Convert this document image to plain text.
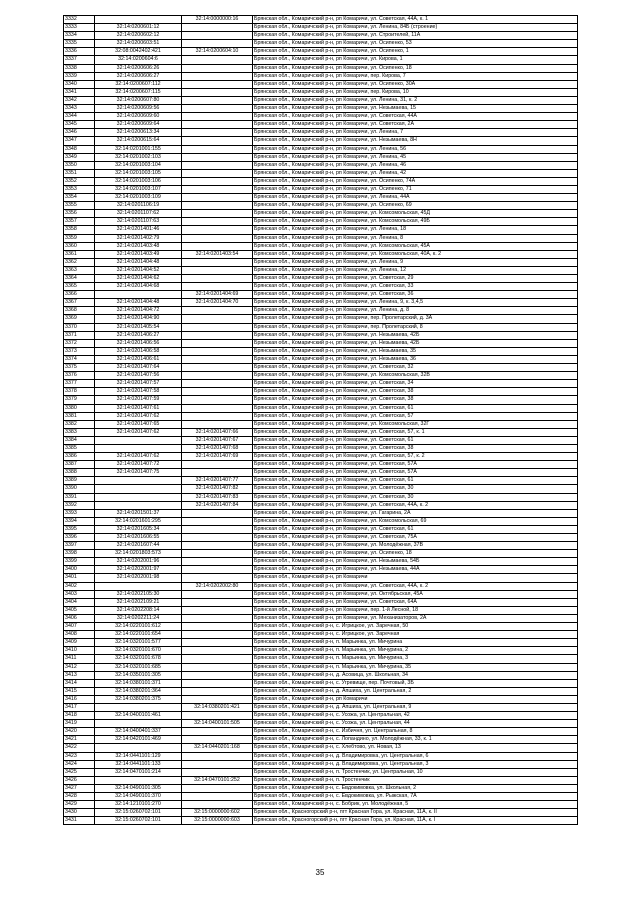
3332		32:14:0000000:16	Брянская обл., Комаричский р-н, рп Комаричи, ул. Советская, 44А, к. 1
3333	32:14:0200601:12		Брянская обл., Комаричский р-н, рп Комаричи, ул. Ленина, 84Б (строение)
3334	32:14:0200602:12		Брянская обл., Комаричский р-н, рп Комаричи, ул. Строителей, 11А
3335	32:14:0200603:51		Брянская обл., Комаричский р-н, рп Комаричи, ул. Осипенко, 53
3336	32:08:0042402:421	32:14:0200604:10	Брянская обл., Комаричский р-н, рп Комаричи, ул. Осипенко, 1
3337	32:14:0200604:6		Брянская обл., Комаричский р-н, рп Комаричи, ул. Кирова, 1
3338	32:14:0200606:26		Брянская обл., Комаричский р-н, рп Комаричи, ул. Осипенко, 18
3339	32:14:0200606:27		Брянская обл., Комаричский р-н, рп Комаричи, пер. Кирова, 7
3340	32:14:0200607:112		Брянская обл., Комаричский р-н, рп Комаричи, ул. Осипенко, 30А
3341	32:14:0200607:115		Брянская обл., Комаричский р-н, рп Комаричи, пер. Кирова, 10
3342	32:14:0200607:80		Брянская обл., Комаричский р-н, рп Комаричи, ул. Ленина, 31, к. 2
3343	32:14:0200609:56		Брянская обл., Комаричский р-н, рп Комаричи, ул. Незымаева, 15
3344	32:14:0200609:60		Брянская обл., Комаричский р-н, рп Комаричи, ул. Советская, 44А
3345	32:14:0200609:64		Брянская обл., Комаричский р-н, рп Комаричи, ул. Советская, 2А
3346	32:14:0200613:34		Брянская обл., Комаричский р-н, рп Комаричи, ул. Ленина, 7
3347	32:14:0200615:64		Брянская обл., Комаричский р-н, рп Комаричи, ул. Незымаева, 8Н
3348	32:14:0201001:155		Брянская обл., Комаричский р-н, рп Комаричи, ул. Ленина, 56
3349	32:14:0201002:103		Брянская обл., Комаричский р-н, рп Комаричи, ул. Ленина, 45
3350	32:14:0201003:104		Брянская обл., Комаричский р-н, рп Комаричи, ул. Ленина, 46
3351	32:14:0201003:105		Брянская обл., Комаричский р-н, рп Комаричи, ул. Ленина, 42
3352	32:14:0201003:106		Брянская обл., Комаричский р-н, рп Комаричи, ул. Осипенко, 74А
3353	32:14:0201003:107		Брянская обл., Комаричский р-н, рп Комаричи, ул. Осипенко, 71
3354	32:14:0201003:109		Брянская обл., Комаричский р-н, рп Комаричи, ул. Ленина, 44А
3355	32:14:0201106:19		Брянская обл., Комаричский р-н, рп Комаричи, ул. Осипенко, 69
3356	32:14:0201107:62		Брянская обл., Комаричский р-н, рп Комаричи, ул. Комсомольская, 45Д
3357	32:14:0201107:63		Брянская обл., Комаричский р-н, рп Комаричи, ул. Комсомольская, 49Б
3358	32:14:0201401:46		Брянская обл., Комаричский р-н, рп Комаричи, ул. Ленина, 18
3359	32:14:0201402:79		Брянская обл., Комаричский р-н, рп Комаричи, ул. Ленина, 8
3360	32:14:0201403:48		Брянская обл., Комаричский р-н, рп Комаричи, ул. Комсомольская, 45А
3361	32:14:0201403:49	32:14:0201403:54	Брянская обл., Комаричский р-н, рп Комаричи, ул. Комсомольская, 40А, к. 2
3362	32:14:0201404:48		Брянская обл., Комаричский р-н, рп Комаричи, ул. Ленина, 9
3363	32:14:0201404:52		Брянская обл., Комаричский р-н, рп Комаричи, ул. Ленина, 12
3364	32:14:0201404:62		Брянская обл., Комаричский р-н, рп Комаричи, ул. Советская, 29
3365	32:14:0201404:68		Брянская обл., Комаричский р-н, рп Комаричи, ул. Советская, 33
3366		32:14:0201404:69	Брянская обл., Комаричский р-н, рп Комаричи, ул. Советская, 36
3367	32:14:0201404:48	32:14:0201404:70	Брянская обл., Комаричский р-н, рп Комаричи, ул. Ленина, 9, к. 3,4,5
3368	32:14:0201404:72		Брянская обл., Комаричский р-н, рп Комаричи, ул. Ленина, д. 8
3369	32:14:0201404:90		Брянская обл., Комаричский р-н, рп Комаричи, пер. Пролетарский, д. 3А
3370	32:14:0201405:54		Брянская обл., Комаричский р-н, рп Комаричи, пер. Пролетарский, 8
3371	32:14:0201406:27		Брянская обл., Комаричский р-н, рп Комаричи, ул. Незымаева, 42Б
3372	32:14:0201406:56		Брянская обл., Комаричский р-н, рп Комаричи, ул. Незымаева, 42Б
3373	32:14:0201406:58		Брянская обл., Комаричский р-н, рп Комаричи, ул. Незымаева, 35
3374	32:14:0201406:61		Брянская обл., Комаричский р-н, рп Комаричи, ул. Незымаева, 36
3375	32:14:0201407:64		Брянская обл., Комаричский р-н, рп Комаричи, ул. Советская, 32
3376	32:14:0201407:56		Брянская обл., Комаричский р-н, рп Комаричи, ул. Комсомольская, 32В
3377	32:14:0201407:57		Брянская обл., Комаричский р-н, рп Комаричи, ул. Советская, 34
3378	32:14:0201407:58		Брянская обл., Комаричский р-н, рп Комаричи, ул. Советская, 38
3379	32:14:0201407:59		Брянская обл., Комаричский р-н, рп Комаричи, ул. Советская, 38
3380	32:14:0201407:61		Брянская обл., Комаричский р-н, рп Комаричи, ул. Советская, 61
3381	32:14:0201407:62		Брянская обл., Комаричский р-н, рп Комаричи, ул. Советская, 57
3382	32:14:0201407:65		Брянская обл., Комаричский р-н, рп Комаричи, ул. Комсомольская, 32Г
3383	32:14:0201407:62	32:14:0201407:66	Брянская обл., Комаричский р-н, рп Комаричи, ул. Советская, 57, к. 1
3384		32:14:0201407:67	Брянская обл., Комаричский р-н, рп Комаричи, ул. Советская, 61
3385		32:14:0201407:68	Брянская обл., Комаричский р-н, рп Комаричи, ул. Советская, 38
3386	32:14:0201407:62	32:14:0201407:69	Брянская обл., Комаричский р-н, рп Комаричи, ул. Советская, 57, к. 2
3387	32:14:0201407:72		Брянская обл., Комаричский р-н, рп Комаричи, ул. Советская, 57А
3388	32:14:0201407:75		Брянская обл., Комаричский р-н, рп Комаричи, ул. Советская, 57А
3389		32:14:0201407:77	Брянская обл., Комаричский р-н, рп Комаричи, ул. Советская, 61
3390		32:14:0201407:82	Брянская обл., Комаричский р-н, рп Комаричи, ул. Советская, 30
3391		32:14:0201407:83	Брянская обл., Комаричский р-н, рп Комаричи, ул. Советская, 30
3392		32:14:0201407:84	Брянская обл., Комаричский р-н, рп Комаричи, ул. Советская, 44А, к. 2
3393	32:14:0201501:37		Брянская обл., Комаричский р-н, рп Комаричи, ул. Гагарина, 2А
3394	32:14:0201601:295		Брянская обл., Комаричский р-н, рп Комаричи, ул. Комсомольская, 69
3395	32:14:0201605:34		Брянская обл., Комаричский р-н, рп Комаричи, ул. Советская, 61
3396	32:14:0201606:55		Брянская обл., Комаричский р-н, рп Комаричи, ул. Советская, 75А
3397	32:14:0201607:44		Брянская обл., Комаричский р-н, рп Комаричи, ул. Молодёжная, 37В
3398	32:14:0201803:573		Брянская обл., Комаричский р-н, рп Комаричи, ул. Осипенко, 18
3399	32:14:0202001:96		Брянская обл., Комаричский р-н, рп Комаричи, ул. Незымаева, 54Б
3400	32:14:0202001:97		Брянская обл., Комаричский р-н, рп Комаричи, ул. Незымаева, 44А
3401	32:14:0202001:98		Брянская обл., Комаричский р-н, рп Комаричи
3402		32:14:0202002:80	Брянская обл., Комаричский р-н, рп Комаричи, ул. Советская, 44А, к. 2
3403	32:14:0202105:30		Брянская обл., Комаричский р-н, рп Комаричи, ул. Октябрьская, 45А
3404	32:14:0202109:21		Брянская обл., Комаричский р-н, рп Комаричи, ул. Советская, 64А
3405	32:14:0202208:14		Брянская обл., Комаричский р-н, рп Комаричи, пер. 1-й Лесной, 18
3406	32:14:0202211:24		Брянская обл., Комаричский р-н, рп Комаричи, ул. Механизаторов, 2А
3407	32:14:0220101:612		Брянская обл., Комаричский р-н, с. Игрицкое, ул. Заречная, 50
3408	32:14:0220101:654		Брянская обл., Комаричский р-н, с. Игрицкое, ул. Заречная
3409	32:14:0320101:577		Брянская обл., Комаричский р-н, п. Марьинка, ул. Мичурина
3410	32:14:0320101:670		Брянская обл., Комаричский р-н, п. Марьинка, ул. Мичурина, 2
3411	32:14:0320101:678		Брянская обл., Комаричский р-н, п. Марьинка, ул. Мичурина, 3
3412	32:14:0320101:685		Брянская обл., Комаричский р-н, п. Марьинка, ул. Мичурина, 35
3413	32:14:0350101:305		Брянская обл., Комаричский р-н, д. Асовица, ул. Школьная, 34
3414	32:14:0380101:371		Брянская обл., Комаричский р-н, с. Угревище, пер. Почтовый, 3Б
3415	32:14:0380201:364		Брянская обл., Комаричский р-н, д. Апшиха, ул. Центральная, 2
3416	32:14:0380201:375		Брянская обл., Комаричский р-н, рп Комаричи
3417		32:14:0380201:421	Брянская обл., Комаричский р-н, д. Апшиха, ул. Центральная, 9
3418	32:14:0400101:461		Брянская обл., Комаричский р-н, с. Усожа, ул. Центральная, 42
3419		32:14:0400101:505	Брянская обл., Комаричский р-н, с. Усожа, ул. Центральная, 44
3420	32:14:0400401:337		Брянская обл., Комаричский р-н, с. Избичня, ул. Центральная, 8
3421	32:14:0420101:469		Брянская обл., Комаричский р-н, с. Лопандино, ул. Молодёжная, 33, к. 1
3422		32:14:0440201:168	Брянская обл., Комаричский р-н, с. Хлебтово, ул. Новая, 13
3423	32:14:0441101:129		Брянская обл., Комаричский р-н, д. Владимировка, ул. Центральная, 6
3424	32:14:0441101:133		Брянская обл., Комаричский р-н, д. Владимировка, ул. Центральная, 3
3425	32:14:0470101:214		Брянская обл., Комаричский р-н, п. Тростенчик, ул. Центральная, 10
3426		32:14:0470101:252	Брянская обл., Комаричский р-н, п. Тростенчик
3427	32:14:0490101:305		Брянская обл., Комаричский р-н, с. Евдокимовка, ул. Школьная, 2
3428	32:14:0490101:370		Брянская обл., Комаричский р-н, с. Евдокимовка, ул. Рыжская, 7А
3429	32:14:1210101:270		Брянская обл., Комаричский р-н, с. Бобрик, ул. Молодёжная, 5
3430	32:15:0260702:101	32:15:0000000:602	Брянская обл., Красногорский р-н, пгт Красная Гора, ул. Красная, 11А, к. II
3431	32:15:0260702:101	32:15:0000000:603	Брянская обл., Красногорский р-н, пгт Красная Гора, ул. Красная, 11А, к. I
35
